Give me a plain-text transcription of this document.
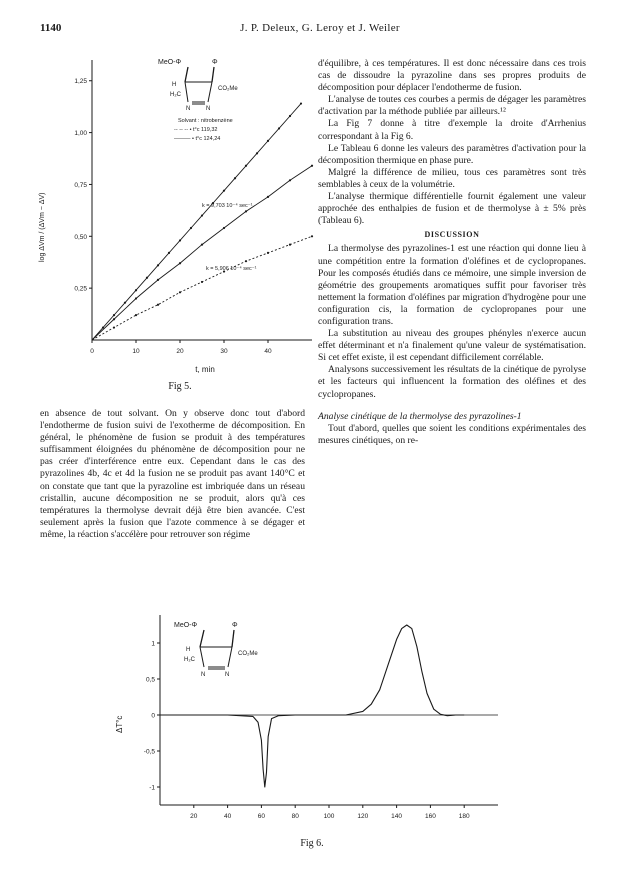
1140	J. P. Deleux, G. Leroy et J. Weiler
0	10	20	30	40
0,25
0,50
0,75
1,00
1,25
log ΔVm / (ΔVm − ΔV)
t, min
MeO-Φ	Φ
H
H₂C
CO₂Me
N	N
Solvant : nitrobenzène
-- -- -- • t°c 119,32
——— • t°c 124,24
k = 9,703 10⁻⁴ sec⁻¹
k = 5,906 10⁻⁴ sec⁻¹
Fig 5.

en absence de tout solvant. On y observe donc tout d'abord l'endotherme de fusion suivi de l'exotherme de décomposition. En général, le phénomène de fusion se produit à des températures suffisamment éloignées du phénomène de décomposition pour ne pas créer d'interférence entre eux. Cependant dans le cas des pyrazolines 4b, 4c et 4d la fusion ne se produit pas avant 140°C et on constate que tant que la pyrazoline est imbriquée dans un réseau cristallin, aucune décomposition ne se produit, alors qu'à ces températures la thermolyse devrait déjà être bien avancée. C'est seulement après la fusion que l'azote commence à se dégager et même, la réaction s'accélère pour retrouver son régime

d'équilibre, à ces températures. Il est donc nécessaire dans ces trois cas de dissoudre la pyrazoline dans ses propres produits de décomposition pour déplacer l'endotherme de fusion.

L'analyse de toutes ces courbes a permis de dégager les paramètres d'activation par la méthode publiée par ailleurs.¹²

La Fig 7 donne à titre d'exemple la droite d'Arrhenius correspondant à la Fig 6.

Le Tableau 6 donne les valeurs des paramètres d'activation pour la décomposition thermique en phase pure.

Malgré la différence de milieu, tous ces paramètres sont très semblables à ceux de la volumétrie.

L'analyse thermique différentielle fournit également une valeur approchée des enthalpies de fusion et de thermolyse à ± 5% près (Tableau 6).

DISCUSSION

La thermolyse des pyrazolines-1 est une réaction qui donne lieu à une compétition entre la formation d'oléfines et de cyclopropanes. Pour les composés étudiés dans ce mémoire, une simple inversion de géométrie des groupements aromatiques suffit pour favoriser très nettement la formation d'oléfines par migration d'hydrogène pour une configuration cis, la formation de cyclopropanes pour une configuration trans.

La substitution au niveau des groupes phényles n'exerce aucun effet déterminant et n'a finalement qu'une valeur de systématisation. Si cet effet existe, il est cependant difficilement corrélable.

Analysons successivement les résultats de la cinétique de pyrolyse et les facteurs qui influencent la formation des oléfines et des cyclopropanes.

Analyse cinétique de la thermolyse des pyrazolines-1

Tout d'abord, quelles que soient les conditions expérimentales des mesures cinétiques, on re-

20	40	60	80	100	120	140	160	180
1
0,5
0
-0,5
-1
ΔT°c
MeO-Φ	Φ
H
H₂C
CO₂Me
N	N
Fig 6.
